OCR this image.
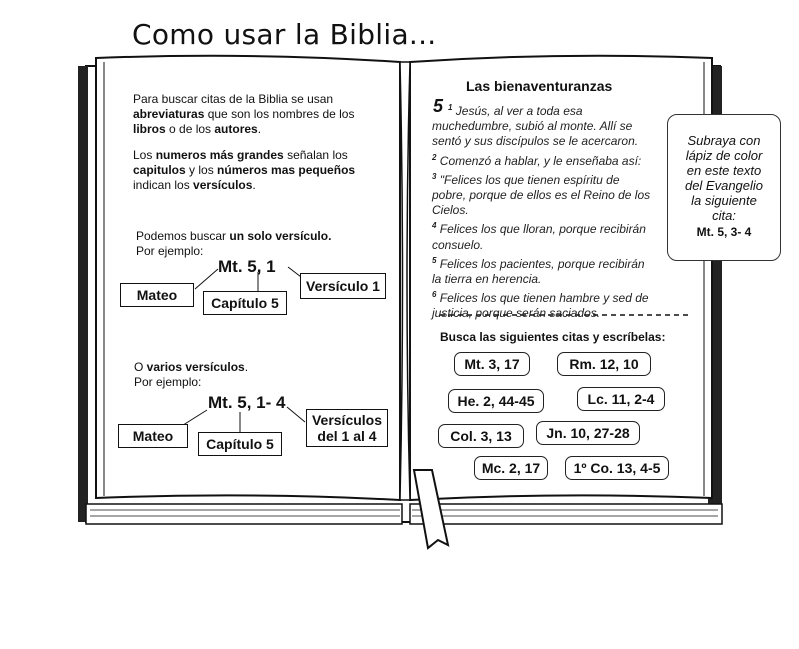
Como usar la Biblia...
Para buscar citas de la Biblia se usan
abreviaturas que son los nombres de los
libros o de los autores.
Los numeros más grandes señalan los
capitulos y los números mas pequeños
indican los versículos.
Podemos buscar un solo versículo.
Por ejemplo:
Mt. 5, 1
Mateo	Capítulo 5
Versículo 1
O varios versículos.
Por ejemplo:
Mt. 5, 1- 4
Mateo	Capítulo 5
Versículos
del 1 al 4
Las bienaventuranzas
5 $^1$ Jesús, al ver a toda esa
muchedumbre, subió al monte. Allí se
sentó y sus discípulos se le acercaron.
$^2$ Comenzó a hablar, y le enseñaba así:
$^3$ "Felices los que tienen espíritu de
pobre, porque de ellos es el Reino de los
Cielos.
$^4$ Felices los que lloran, porque recibirán
consuelo.
$^5$ Felices los pacientes, porque recibirán
la tierra en herencia.
$^6$ Felices los que tienen hambre y sed de
justicia, porque serán saciados.
Busca las siguientes citas y escríbelas:
Mt. 3, 17	Rm. 12, 10
He. 2, 44-45	Lc. 11, 2-4
Col. 3, 13	Jn. 10, 27-28
Mc. 2, 17	1º Co. 13, 4-5
Subraya con
lápiz de color
en este texto
del Evangelio
la siguiente
cita:
Mt. 5, 3- 4
